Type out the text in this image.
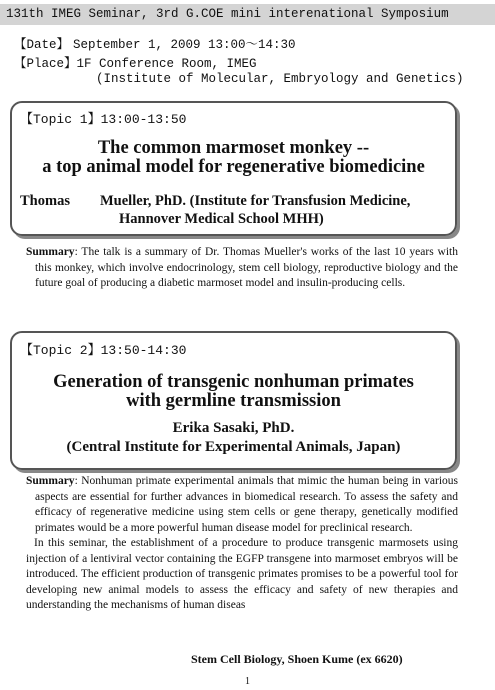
131th IMEG Seminar, 3rd G.COE mini interenational Symposium
【Date】 September 1, 2009 13:00～14:30
【Place】1F Conference Room, IMEG
(Institute of Molecular, Embryology and Genetics)
【Topic 1】13:00-13:50
The common marmoset monkey --
a top animal model for regenerative biomedicine
Thomas Mueller, PhD. (Institute for Transfusion Medicine,
Hannover Medical School MHH)

Summary: The talk is a summary of Dr. Thomas Mueller's works of the last 10 years with this monkey, which involve endocrinology, stem cell biology, reproductive biology and the future goal of producing a diabetic marmoset model and insulin-producing cells.

【Topic 2】13:50-14:30
Generation of transgenic nonhuman primates
with germline transmission
Erika Sasaki, PhD.
(Central Institute for Experimental Animals, Japan)

Summary: Nonhuman primate experimental animals that mimic the human being in various aspects are essential for further advances in biomedical research. To assess the safety and efficacy of regenerative medicine using stem cells or gene therapy, genetically modified primates would be a more powerful human disease model for preclinical research.

In this seminar, the establishment of a procedure to produce transgenic marmosets using injection of a lentiviral vector containing the EGFP transgene into marmoset embryos will be introduced. The efficient production of transgenic primates promises to be a powerful tool for developing new animal models to assess the efficacy and safety of new therapies and understanding the mechanisms of human diseas

Stem Cell Biology, Shoen Kume (ex 6620)
1
